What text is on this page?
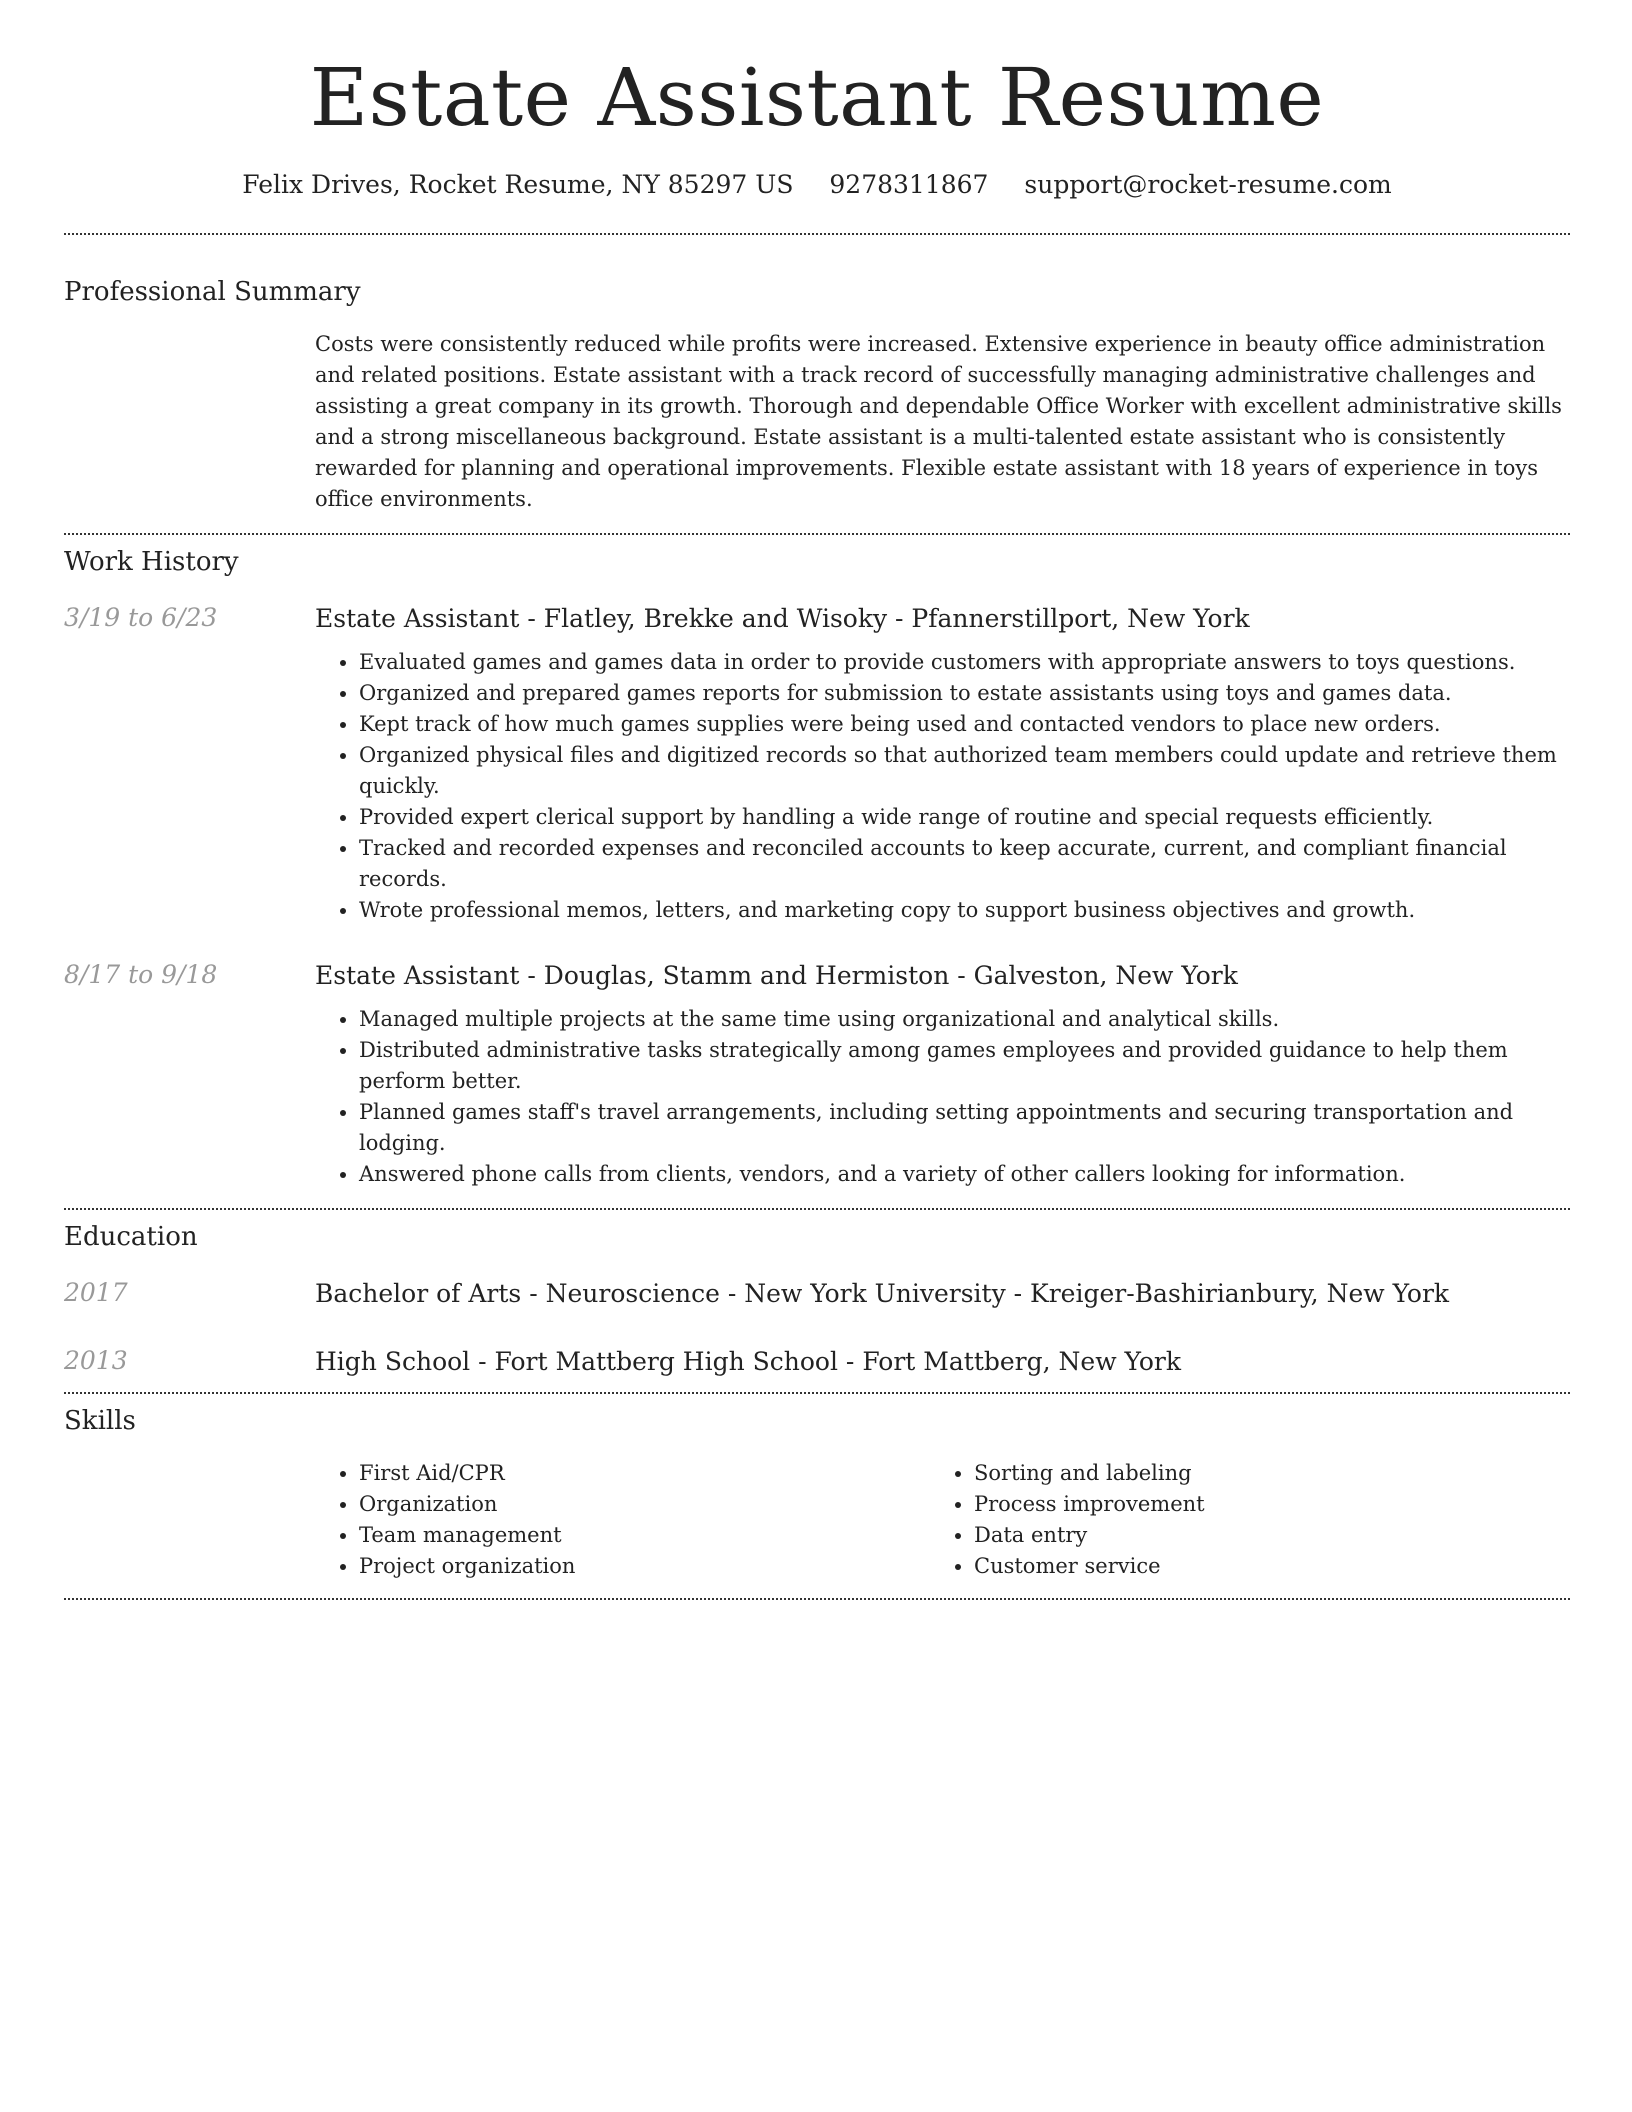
Estate Assistant Resume
Felix Drives, Rocket Resume, NY 85297 US 9278311867 support@rocket-resume.com
Professional Summary
Costs were consistently reduced while profits were increased. Extensive experience in beauty office administration and related positions. Estate assistant with a track record of successfully managing administrative challenges and assisting a great company in its growth. Thorough and dependable Office Worker with excellent administrative skills and a strong miscellaneous background. Estate assistant is a multi-talented estate assistant who is consistently rewarded for planning and operational improvements. Flexible estate assistant with 18 years of experience in toys office environments.
Work History
3/19 to 6/23	Estate Assistant - Flatley, Brekke and Wisoky - Pfannerstillport, New York
• Evaluated games and games data in order to provide customers with appropriate answers to toys questions.
• Organized and prepared games reports for submission to estate assistants using toys and games data.
• Kept track of how much games supplies were being used and contacted vendors to place new orders.
• Organized physical files and digitized records so that authorized team members could update and retrieve them quickly.
• Provided expert clerical support by handling a wide range of routine and special requests efficiently.
• Tracked and recorded expenses and reconciled accounts to keep accurate, current, and compliant financial records.
• Wrote professional memos, letters, and marketing copy to support business objectives and growth.
8/17 to 9/18	Estate Assistant - Douglas, Stamm and Hermiston - Galveston, New York
• Managed multiple projects at the same time using organizational and analytical skills.
• Distributed administrative tasks strategically among games employees and provided guidance to help them perform better.
• Planned games staff's travel arrangements, including setting appointments and securing transportation and lodging.
• Answered phone calls from clients, vendors, and a variety of other callers looking for information.
Education
2017	Bachelor of Arts - Neuroscience - New York University - Kreiger-Bashirianbury, New York
2013	High School - Fort Mattberg High School - Fort Mattberg, New York
Skills
• First Aid/CPR
• Organization
• Team management
• Project organization
• Sorting and labeling
• Process improvement
• Data entry
• Customer service
